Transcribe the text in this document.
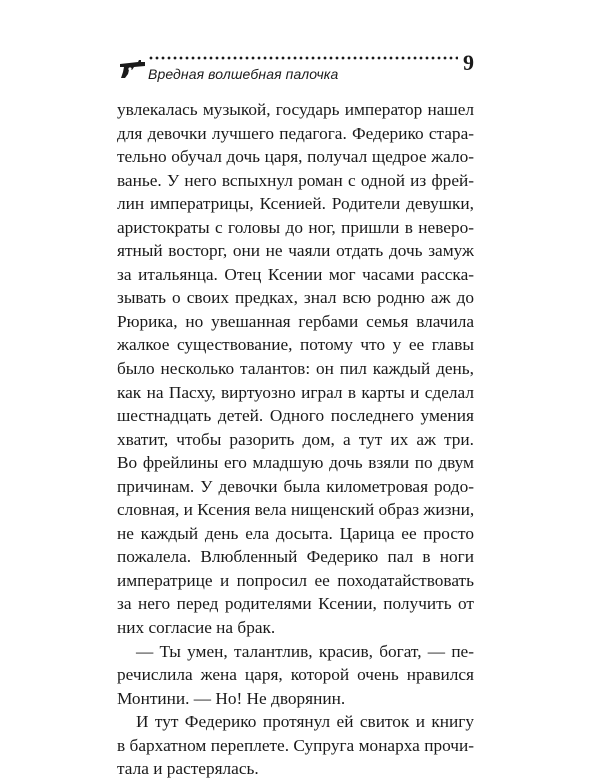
Вредная волшебная палочка	9
увлекалась музыкой, государь император нашел
для девочки лучшего педагога. Федерико стара-
тельно обучал дочь царя, получал щедрое жало-
ванье. У него вспыхнул роман с одной из фрей-
лин императрицы, Ксенией. Родители девушки,
аристократы с головы до ног, пришли в неверо-
ятный восторг, они не чаяли отдать дочь замуж
за итальянца. Отец Ксении мог часами расска-
зывать о своих предках, знал всю родню аж до
Рюрика, но увешанная гербами семья влачила
жалкое существование, потому что у ее главы
было несколько талантов: он пил каждый день,
как на Пасху, виртуозно играл в карты и сделал
шестнадцать детей. Одного последнего умения
хватит, чтобы разорить дом, а тут их аж три.
Во фрейлины его младшую дочь взяли по двум
причинам. У девочки была километровая родо-
словная, и Ксения вела нищенский образ жизни,
не каждый день ела досыта. Царица ее просто
пожалела. Влюбленный Федерико пал в ноги
императрице и попросил ее походатайствовать
за него перед родителями Ксении, получить от
них согласие на брак.
— Ты умен, талантлив, красив, богат, — пе-
речислила жена царя, которой очень нравился
Монтини. — Но! Не дворянин.
И тут Федерико протянул ей свиток и книгу
в бархатном переплете. Супруга монарха прочи-
тала и растерялась.
